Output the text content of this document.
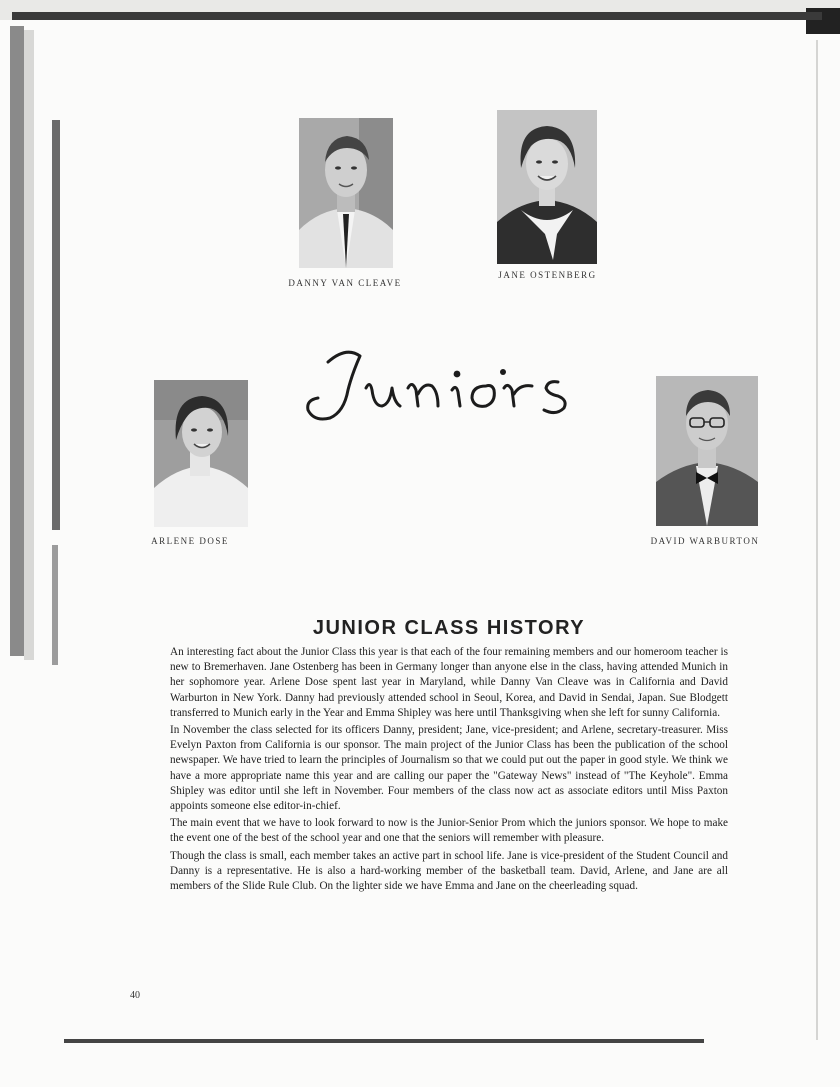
DANNY VAN CLEAVE
JANE OSTENBERG
ARLENE DOSE	DAVID WARBURTON
JUNIOR CLASS HISTORY

An interesting fact about the Junior Class this year is that each of the four remaining members and our homeroom teacher is new to Bremerhaven. Jane Ostenberg has been in Germany longer than anyone else in the class, having attended Munich in her sophomore year. Arlene Dose spent last year in Maryland, while Danny Van Cleave was in California and David Warburton in New York. Danny had previously attended school in Seoul, Korea, and David in Sendai, Japan. Sue Blodgett transferred to Munich early in the Year and Emma Shipley was here until Thanksgiving when she left for sunny California.

In November the class selected for its officers Danny, president; Jane, vice-president; and Arlene, secretary-treasurer. Miss Evelyn Paxton from California is our sponsor. The main project of the Junior Class has been the publication of the school newspaper. We have tried to learn the principles of Journalism so that we could put out the paper in good style. We think we have a more appropriate name this year and are calling our paper the "Gateway News" instead of "The Keyhole". Emma Shipley was editor until she left in November. Four members of the class now act as associate editors until Miss Paxton appoints someone else editor-in-chief.

The main event that we have to look forward to now is the Junior-Senior Prom which the juniors sponsor. We hope to make the event one of the best of the school year and one that the seniors will remember with pleasure.

Though the class is small, each member takes an active part in school life. Jane is vice-president of the Student Council and Danny is a representative. He is also a hard-working member of the basketball team. David, Arlene, and Jane are all members of the Slide Rule Club. On the lighter side we have Emma and Jane on the cheerleading squad.

40
